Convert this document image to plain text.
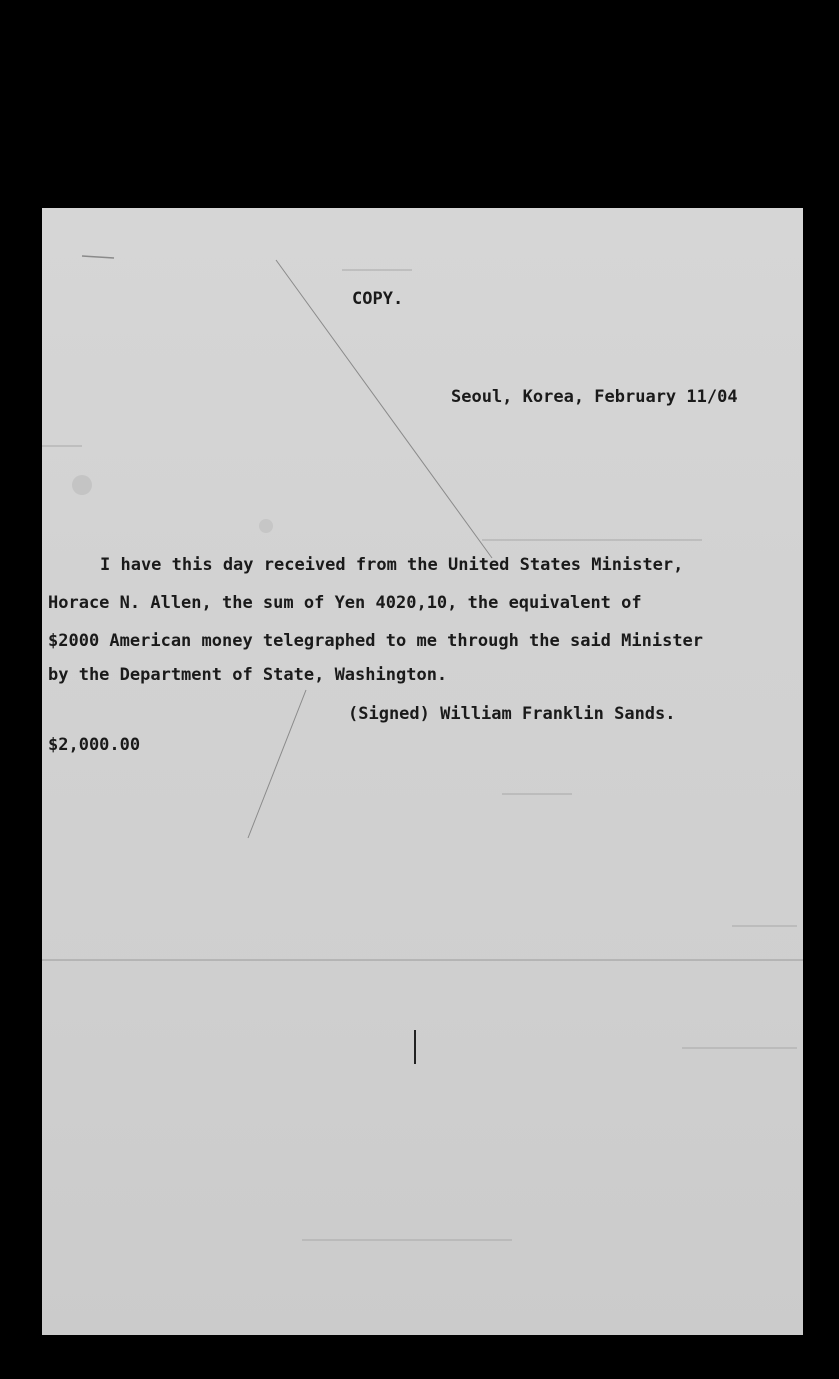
COPY.
Seoul, Korea, February 11/04
I have this day received from the United States Minister,
Horace N. Allen, the sum of Yen 4020,10, the equivalent of
$2000 American money telegraphed to me through the said Minister
by the Department of State, Washington.
(Signed) William Franklin Sands.
$2,000.00
